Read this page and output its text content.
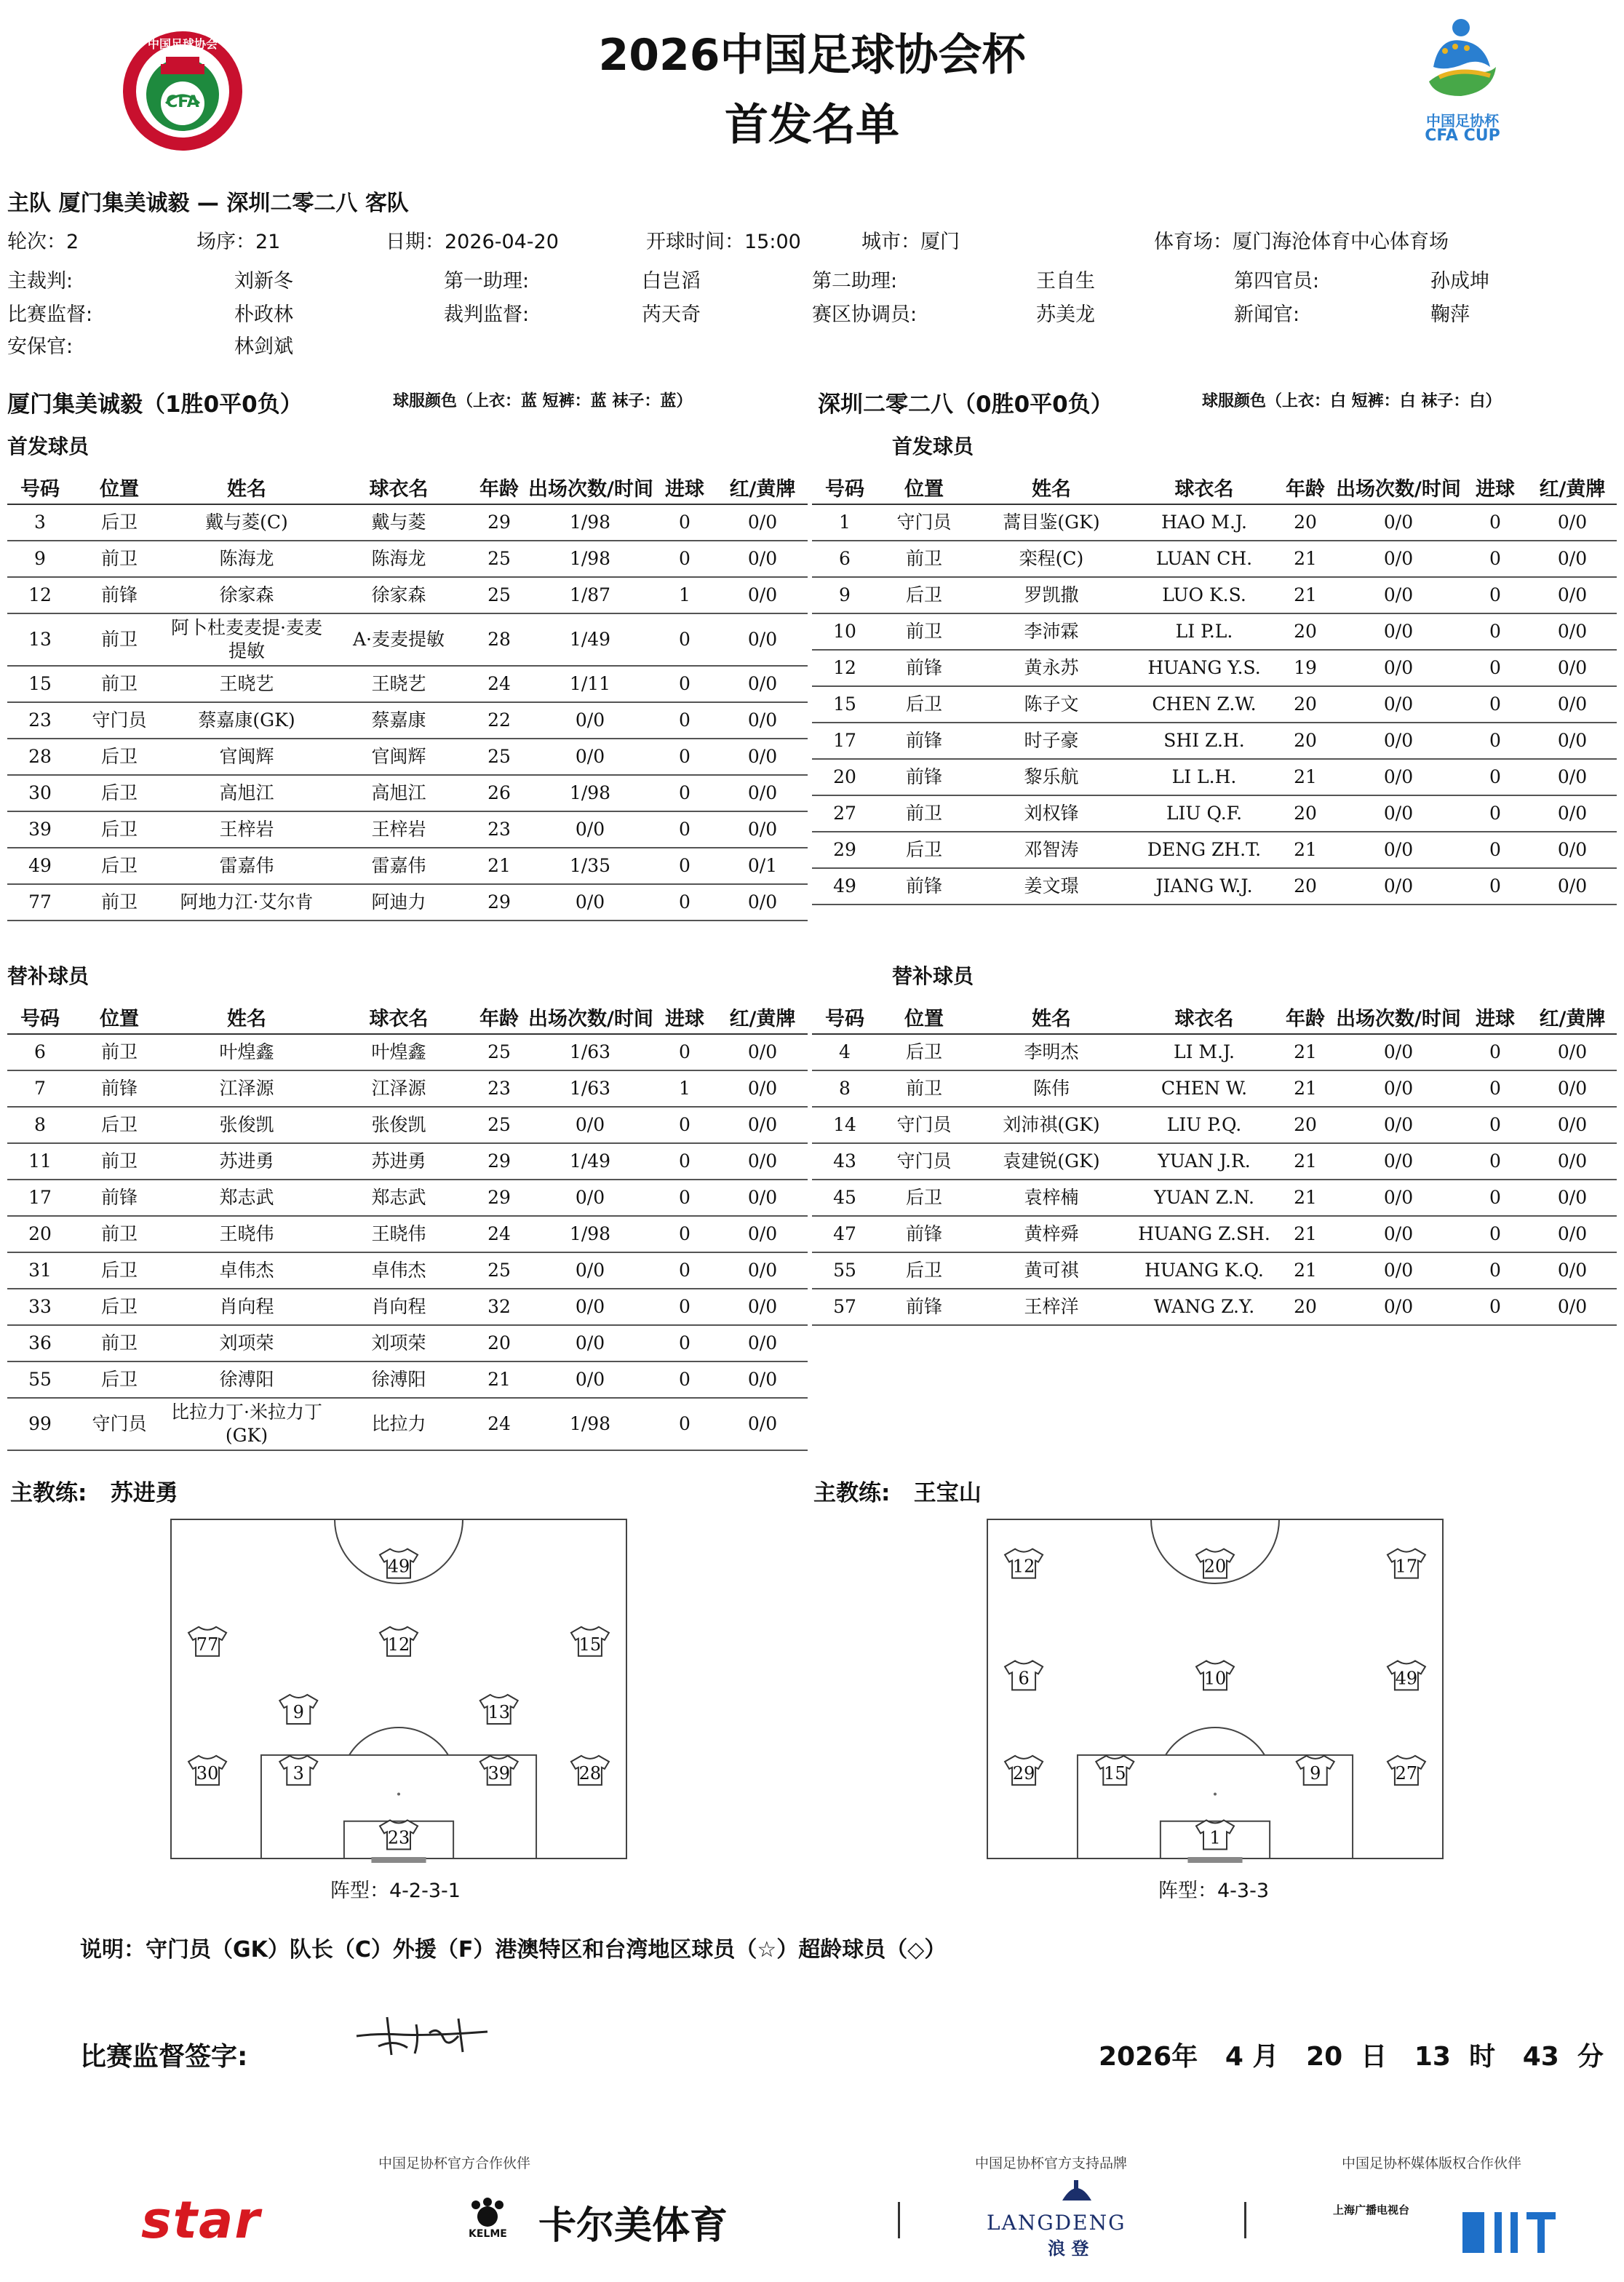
中国足球协会
CFA
中国足协杯
CFA CUP
2026中国足球协会杯
首发名单
主队 厦门集美诚毅 — 深圳二零二八 客队
轮次：2	场序：21	日期：2026-04-20	开球时间：15:00	城市：厦门	体育场：厦门海沧体育中心体育场
主裁判:	刘新冬	第一助理:	白岂滔	第二助理:	王自生	第四官员:	孙成坤
比赛监督:	朴政林	裁判监督:	芮天奇	赛区协调员:	苏美龙	新闻官:	鞠萍
安保官:	林剑斌
厦门集美诚毅（1胜0平0负）	球服颜色（上衣：蓝 短裤：蓝 袜子：蓝）	深圳二零二八（0胜0平0负）	球服颜色（上衣：白 短裤：白 袜子：白）
首发球员	首发球员
号码	位置	姓名	球衣名	年龄	出场次数/时间	进球	红/黄牌
3	后卫	戴与菱(C)	戴与菱	29	1/98	0	0/0
9	前卫	陈海龙	陈海龙	25	1/98	0	0/0
12	前锋	徐家森	徐家森	25	1/87	1	0/0
13	前卫	阿卜杜麦麦提·麦麦提敏	A·麦麦提敏	28	1/49	0	0/0
15	前卫	王晓艺	王晓艺	24	1/11	0	0/0
23	守门员	蔡嘉康(GK)	蔡嘉康	22	0/0	0	0/0
28	后卫	官闽辉	官闽辉	25	0/0	0	0/0
30	后卫	高旭江	高旭江	26	1/98	0	0/0
39	后卫	王梓岩	王梓岩	23	0/0	0	0/0
49	后卫	雷嘉伟	雷嘉伟	21	1/35	0	0/1
77	前卫	阿地力江·艾尔肯	阿迪力	29	0/0	0	0/0
号码	位置	姓名	球衣名	年龄	出场次数/时间	进球	红/黄牌
1	守门员	蒿目鉴(GK)	HAO M.J.	20	0/0	0	0/0
6	前卫	栾程(C)	LUAN CH.	21	0/0	0	0/0
9	后卫	罗凯撒	LUO K.S.	21	0/0	0	0/0
10	前卫	李沛霖	LI P.L.	20	0/0	0	0/0
12	前锋	黄永苏	HUANG Y.S.	19	0/0	0	0/0
15	后卫	陈子文	CHEN Z.W.	20	0/0	0	0/0
17	前锋	时子豪	SHI Z.H.	20	0/0	0	0/0
20	前锋	黎乐航	LI L.H.	21	0/0	0	0/0
27	前卫	刘权锋	LIU Q.F.	20	0/0	0	0/0
29	后卫	邓智涛	DENG ZH.T.	21	0/0	0	0/0
49	前锋	姜文璟	JIANG W.J.	20	0/0	0	0/0
替补球员	替补球员
号码	位置	姓名	球衣名	年龄	出场次数/时间	进球	红/黄牌
6	前卫	叶煌鑫	叶煌鑫	25	1/63	0	0/0
7	前锋	江泽源	江泽源	23	1/63	1	0/0
8	后卫	张俊凯	张俊凯	25	0/0	0	0/0
11	前卫	苏进勇	苏进勇	29	1/49	0	0/0
17	前锋	郑志武	郑志武	29	0/0	0	0/0
20	前卫	王晓伟	王晓伟	24	1/98	0	0/0
31	后卫	卓伟杰	卓伟杰	25	0/0	0	0/0
33	后卫	肖向程	肖向程	32	0/0	0	0/0
36	前卫	刘项荣	刘项荣	20	0/0	0	0/0
55	后卫	徐溥阳	徐溥阳	21	0/0	0	0/0
99	守门员	比拉力丁·米拉力丁(GK)	比拉力	24	1/98	0	0/0
号码	位置	姓名	球衣名	年龄	出场次数/时间	进球	红/黄牌
4	后卫	李明杰	LI M.J.	21	0/0	0	0/0
8	前卫	陈伟	CHEN W.	21	0/0	0	0/0
14	守门员	刘沛祺(GK)	LIU P.Q.	20	0/0	0	0/0
43	守门员	袁建锐(GK)	YUAN J.R.	21	0/0	0	0/0
45	后卫	袁梓楠	YUAN Z.N.	21	0/0	0	0/0
47	前锋	黄梓舜	HUANG Z.SH.	21	0/0	0	0/0
55	后卫	黄可祺	HUANG K.Q.	21	0/0	0	0/0
57	前锋	王梓洋	WANG Z.Y.	20	0/0	0	0/0
主教练: 苏进勇	主教练: 王宝山
49
77	12	15
9	13
30	3	39	28
23
12	20	17
6	10	49
29	15	9	27
1
阵型：4-2-3-1	阵型：4-3-3
说明：守门员（GK）队长（C）外援（F）港澳特区和台湾地区球员（☆）超龄球员（◇）
比赛监督签字:	2026年 4 月 20 日 13 时 43 分
中国足协杯官方合作伙伴	中国足协杯官方支持品牌	中国足协杯媒体版权合作伙伴
star	KELME 卡尔美体育	LANGDENG
浪 登
上海广播电视台
